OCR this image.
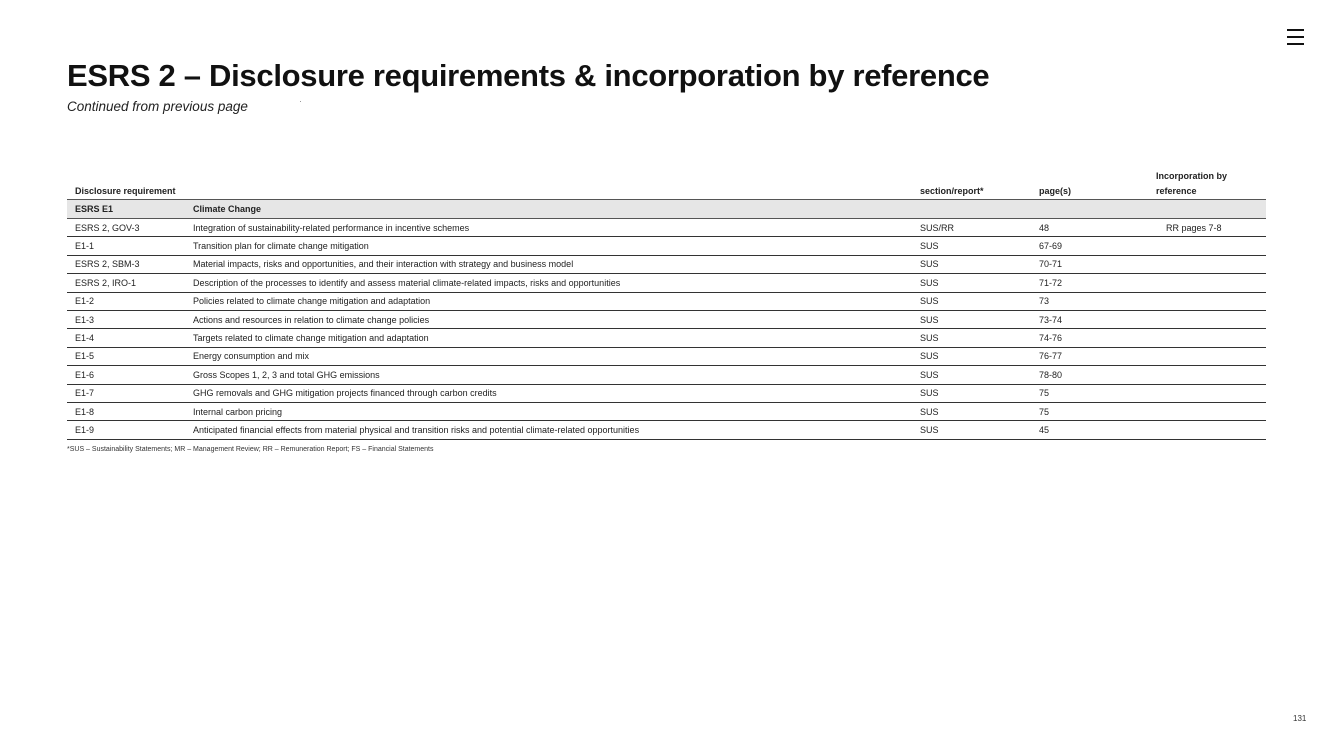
ESRS 2 – Disclosure requirements & incorporation by reference
Continued from previous page
Disclosure requirement		section/report*	page(s)	Incorporation by reference
ESRS E1	Climate Change			
ESRS 2, GOV-3	Integration of sustainability-related performance in incentive schemes	SUS/RR	48	RR pages 7-8
E1-1	Transition plan for climate change mitigation	SUS	67-69	
ESRS 2, SBM-3	Material impacts, risks and opportunities, and their interaction with strategy and business model	SUS	70-71	
ESRS 2, IRO-1	Description of the processes to identify and assess material climate-related impacts, risks and opportunities	SUS	71-72	
E1-2	Policies related to climate change mitigation and adaptation	SUS	73	
E1-3	Actions and resources in relation to climate change policies	SUS	73-74	
E1-4	Targets related to climate change mitigation and adaptation	SUS	74-76	
E1-5	Energy consumption and mix	SUS	76-77	
E1-6	Gross Scopes 1, 2, 3 and total GHG emissions	SUS	78-80	
E1-7	GHG removals and GHG mitigation projects financed through carbon credits	SUS	75	
E1-8	Internal carbon pricing	SUS	75	
E1-9	Anticipated financial effects from material physical and transition risks and potential climate-related opportunities	SUS	45	
*SUS – Sustainability Statements; MR – Management Review; RR – Remuneration Report; FS – Financial Statements
131
